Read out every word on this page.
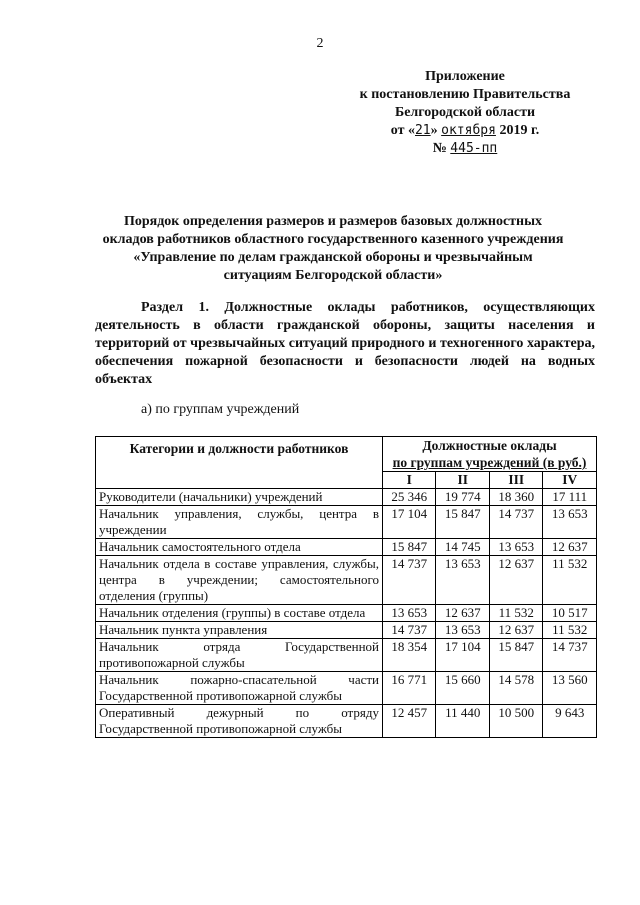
2
Приложение
к постановлению Правительства
Белгородской области
от «21» октября 2019 г.
№ 445-пп
Порядок определения размеров и размеров базовых должностных
окладов работников областного государственного казенного учреждения
«Управление по делам гражданской обороны и чрезвычайным
ситуациям Белгородской области»
Раздел 1. Должностные оклады работников, осуществляющих деятельность в области гражданской обороны, защиты населения и территорий от чрезвычайных ситуаций природного и техногенного характера, обеспечения пожарной безопасности и безопасности людей на водных объектах
а) по группам учреждений
Категории и должности работников	Должностные оклады
по группам учреждений (в руб.)			

	I	II	III	IV
Руководители (начальники) учреждений	25 346	19 774	18 360	17 111
Начальник управления, службы, центра в учреждении	17 104	15 847	14 737	13 653
Начальник самостоятельного отдела	15 847	14 745	13 653	12 637
Начальник отдела в составе управления, службы, центра в учреждении; самостоятельного отделения (группы)	14 737	13 653	12 637	11 532
Начальник отделения (группы) в составе отдела	13 653	12 637	11 532	10 517
Начальник пункта управления	14 737	13 653	12 637	11 532
Начальник отряда Государственной противопожарной службы	18 354	17 104	15 847	14 737
Начальник пожарно-спасательной части Государственной противопожарной службы	16 771	15 660	14 578	13 560
Оперативный дежурный по отряду Государственной противопожарной службы	12 457	11 440	10 500	9 643
